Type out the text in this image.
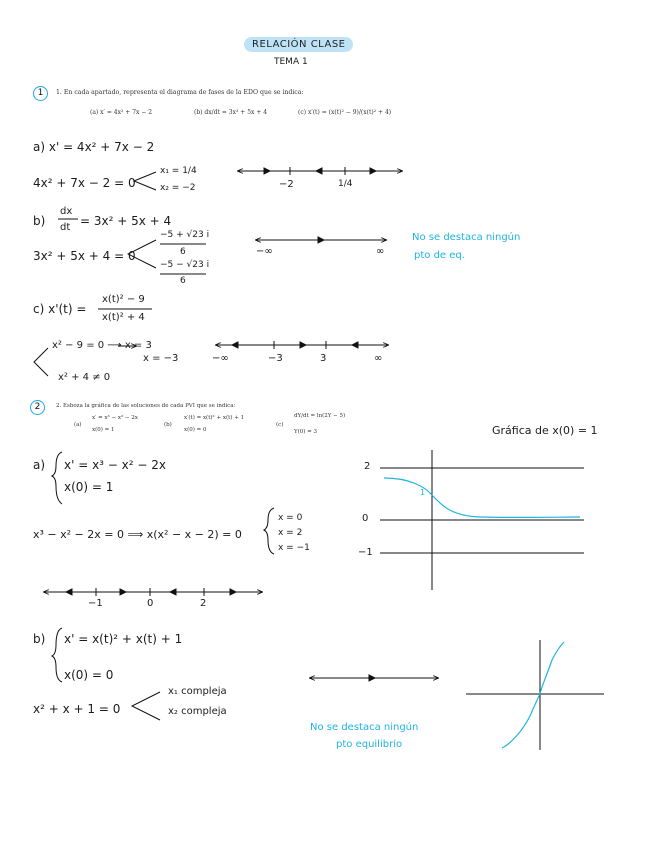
RELACIÓN CLASE
TEMA 1
1	1. En cada apartado, representa el diagrama de fases de la EDO que se indica:
(a) x′ = 4x² + 7x − 2	(b) dx/dt = 3x² + 5x + 4	(c) x′(t) = (x(t)² − 9)/(x(t)² + 4)
a) x' = 4x² + 7x − 2
4x² + 7x − 2 = 0
x₁ = 1/4
x₂ = −2	−2	1/4
b)
dx
dt = 3x² + 5x + 4
3x² + 5x + 4 = 0
−5 + √23 i
6
−5 − √23 i
6
−∞	∞
No se destaca ningún
pto de eq.
c) x'(t) =
x(t)² − 9
x(t)² + 4
x² − 9 = 0 ⟶ x = 3
x = −3
x² + 4 ≠ 0
−∞	−3	3	∞
2	2. Esboza la gráfica de las soluciones de cada PVI que se indica:
(a)
x′ = x³ − x² − 2x
x(0) = 1
(b)
x′(t) = x(t)² + x(t) + 1
x(0) = 0
(c)
dY/dt = ln(2Y − 5)
Y(0) = 3	Gráfica de x(0) = 1
a) x' = x³ − x² − 2x
x(0) = 1
x³ − x² − 2x = 0 ⟹ x(x² − x − 2) = 0
x = 0
x = 2
x = −1
−1	0	2
2
0
−1
1
b) x' = x(t)² + x(t) + 1
x(0) = 0
x² + x + 1 = 0
x₁ compleja
x₂ compleja
No se destaca ningún
pto equilibrio
